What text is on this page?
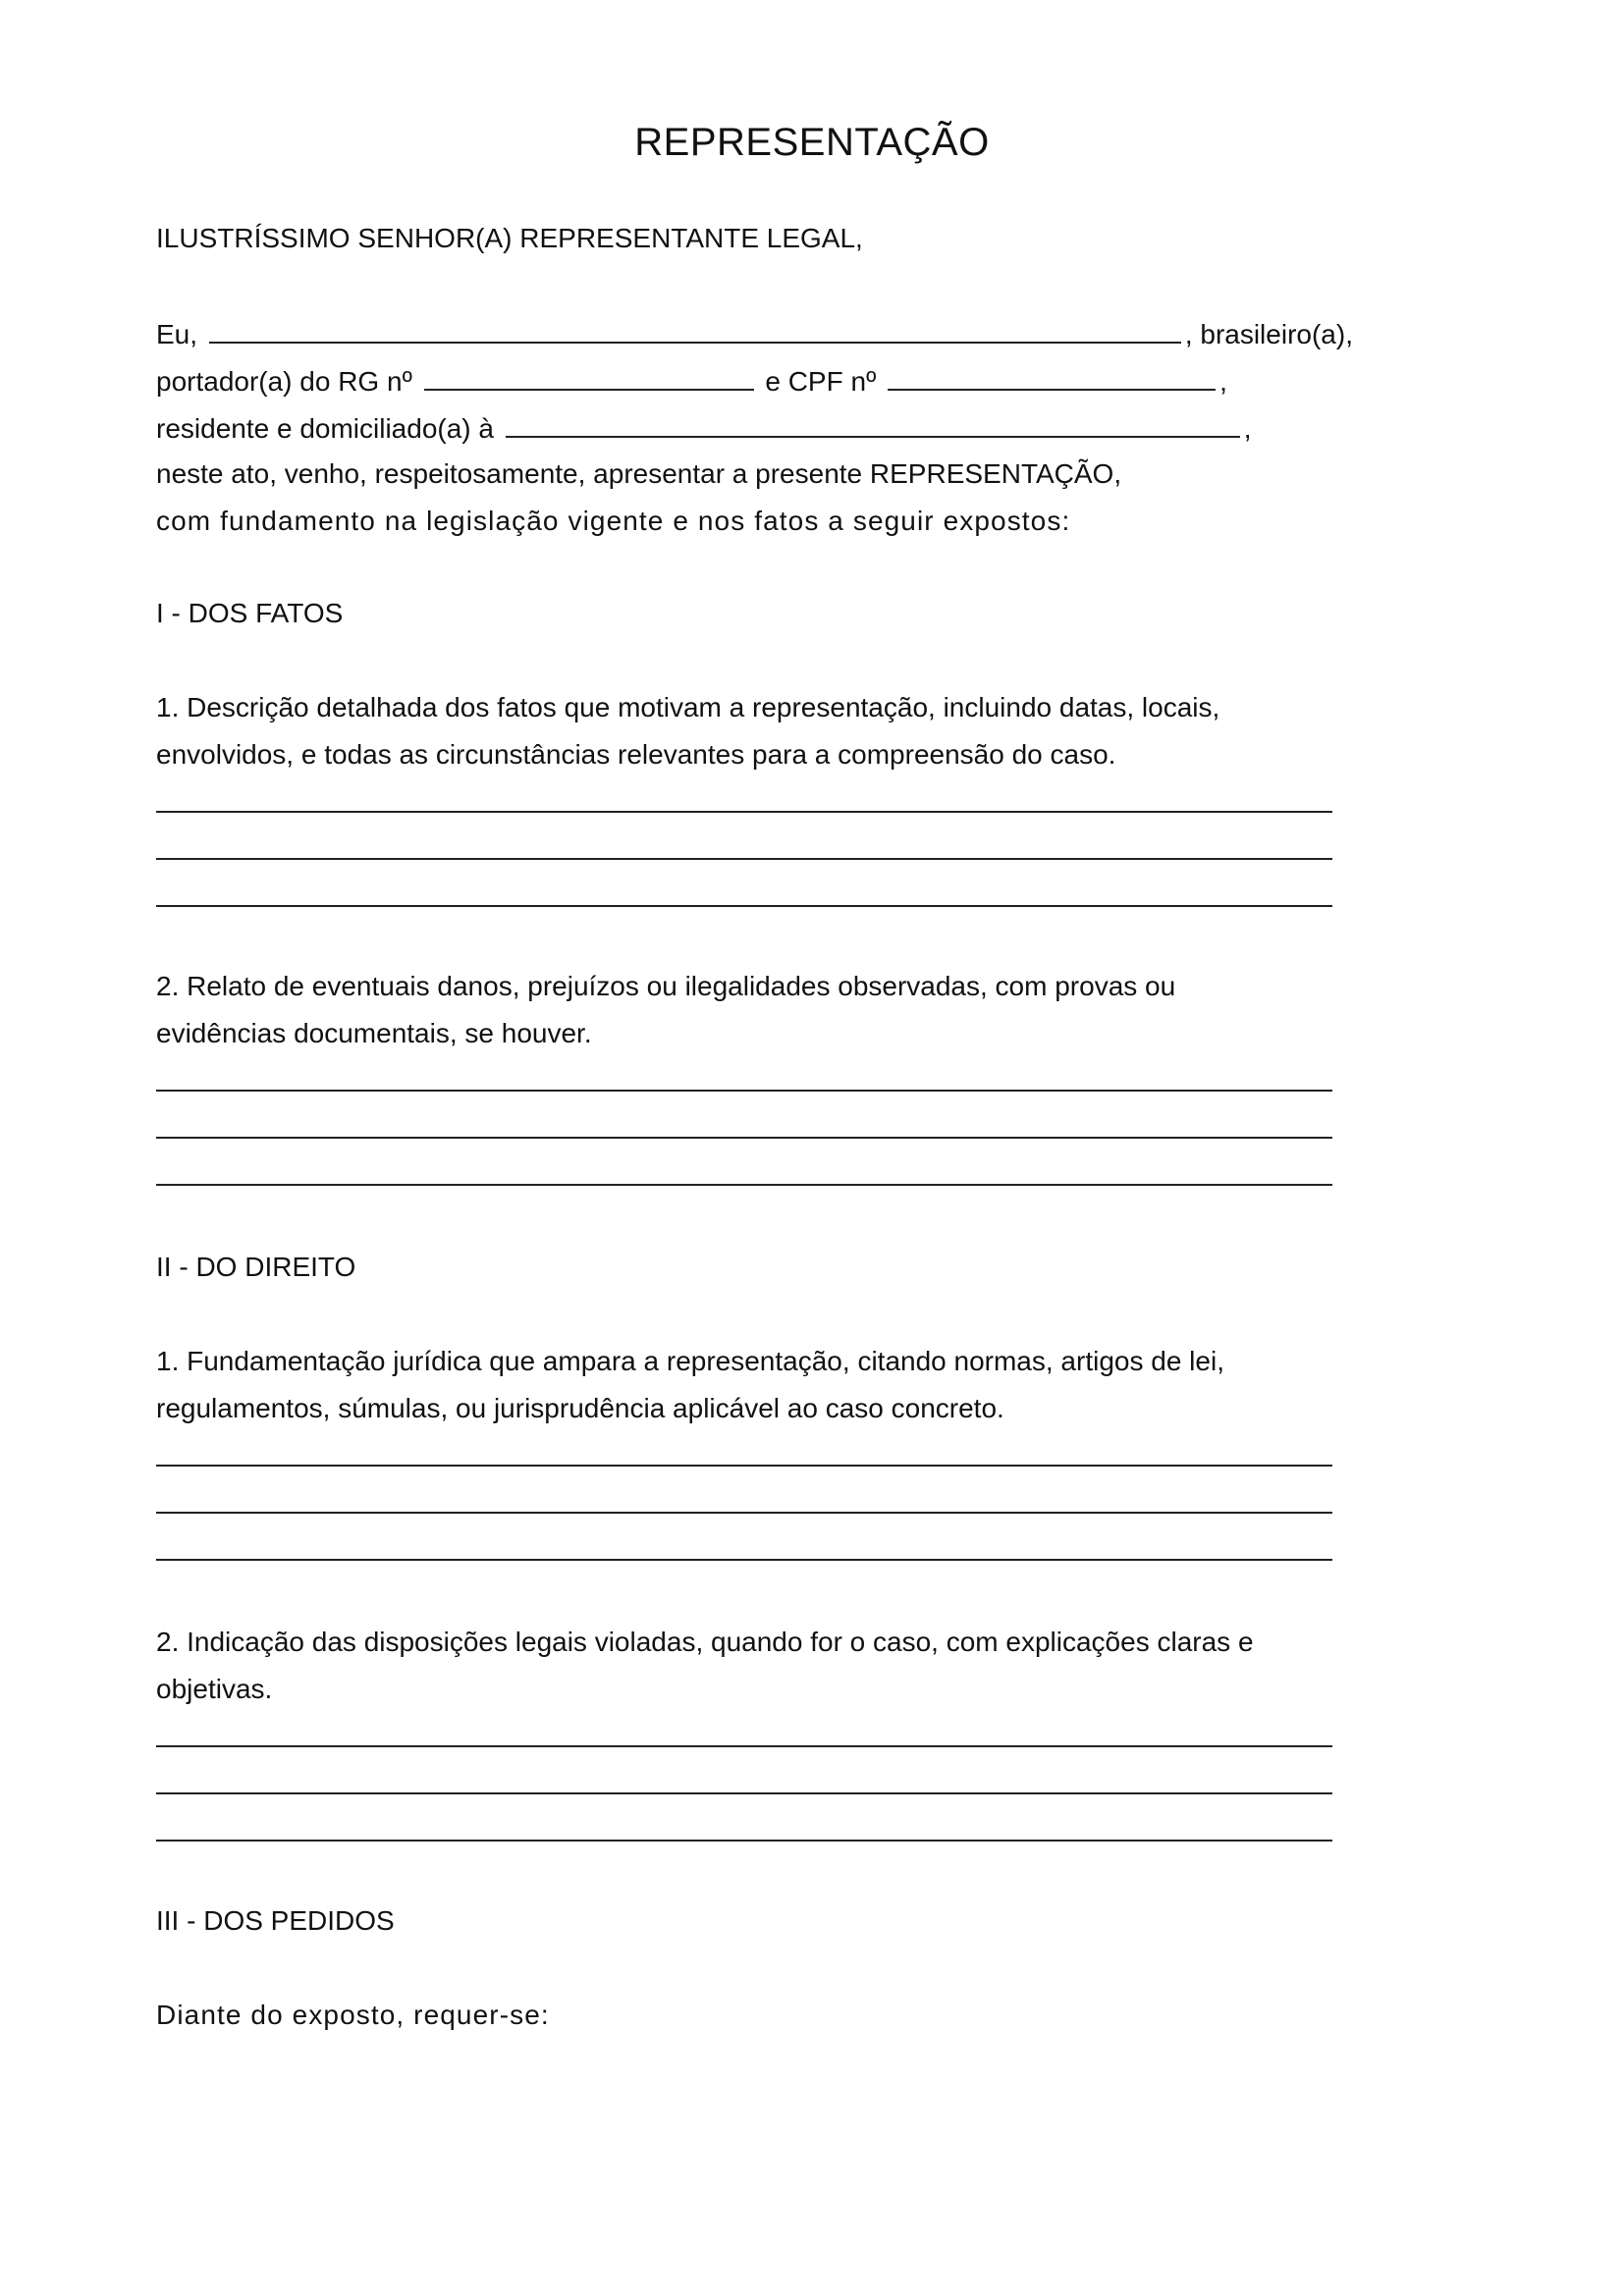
REPRESENTAÇÃO
ILUSTRÍSSIMO SENHOR(A) REPRESENTANTE LEGAL,
Eu,	, brasileiro(a),
portador(a) do RG nº	e CPF nº	,
residente e domiciliado(a) à	,
neste ato, venho, respeitosamente, apresentar a presente REPRESENTAÇÃO,
com fundamento na legislação vigente e nos fatos a seguir expostos:
I - DOS FATOS
1. Descrição detalhada dos fatos que motivam a representação, incluindo datas, locais,
envolvidos, e todas as circunstâncias relevantes para a compreensão do caso.
2. Relato de eventuais danos, prejuízos ou ilegalidades observadas, com provas ou
evidências documentais, se houver.
II - DO DIREITO
1. Fundamentação jurídica que ampara a representação, citando normas, artigos de lei,
regulamentos, súmulas, ou jurisprudência aplicável ao caso concreto.
2. Indicação das disposições legais violadas, quando for o caso, com explicações claras e
objetivas.
III - DOS PEDIDOS
Diante do exposto, requer-se:
